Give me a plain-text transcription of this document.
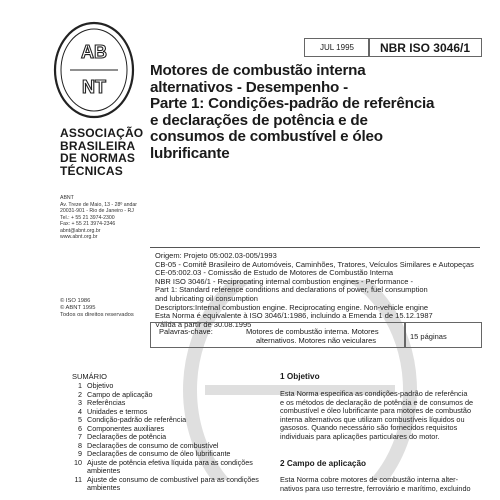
AB
NT
ASSOCIAÇÃO
BRASILEIRA
DE NORMAS
TÉCNICAS
ABNT
Av. Treze de Maio, 13 - 28º andar
20031-901 - Rio de Janeiro - RJ
Tel.: + 55 21 3974-2300
Fax: + 55 21 3974-2346
abnt@abnt.org.br
www.abnt.org.br
© ISO 1986
© ABNT 1995
Todos os direitos reservados
JUL 1995	NBR ISO 3046/1
Motores de combustão interna
alternativos - Desempenho -
Parte 1: Condições-padrão de referência
e declarações de potência e de
consumos de combustível e óleo
lubrificante
Origem: Projeto 05:002.03-005/1993
CB-05 - Comitê Brasileiro de Automóveis, Caminhões, Tratores, Veículos Similares e Autopeças
CE-05:002.03 - Comissão de Estudo de Motores de Combustão Interna
NBR ISO 3046/1 - Reciprocating internal combustion engines - Performance -
Part 1: Standard reference conditions and declarations of power, fuel consumption
and lubricating oil consumption
Descriptors:Internal combustion engine. Reciprocating engine. Non-vehicle engine
Esta Norma é equivalente à ISO 3046/1:1986, incluindo a Emenda 1 de 15.12.1987
Válida a partir de 30.08.1995
Palavras-chave:	Motores de combustão interna. Motores
alternativos. Motores não veiculares	15 páginas
SUMÁRIO
1 Objetivo
2 Campo de aplicação
3 Referências
4 Unidades e termos
5 Condição-padrão de referência
6 Componentes auxiliares
7 Declarações de potência
8 Declarações de consumo de combustível
9 Declarações de consumo de óleo lubrificante
10 Ajuste de potência efetiva líquida para as condições ambientes
11 Ajuste de consumo de combustível para as condições ambientes
1 Objetivo
Esta Norma especifica as condições-padrão de referência
e os métodos de declaração de potência e de consumos de
combustível e óleo lubrificante para motores de combustão
interna alternativos que utilizam combustíveis líquidos ou
gasosos. Quando necessário são fornecidos requisitos
individuais para aplicações particulares do motor.
2 Campo de aplicação
Esta Norma cobre motores de combustão interna alter-
nativos para uso terrestre, ferroviário e marítimo, excluindo
